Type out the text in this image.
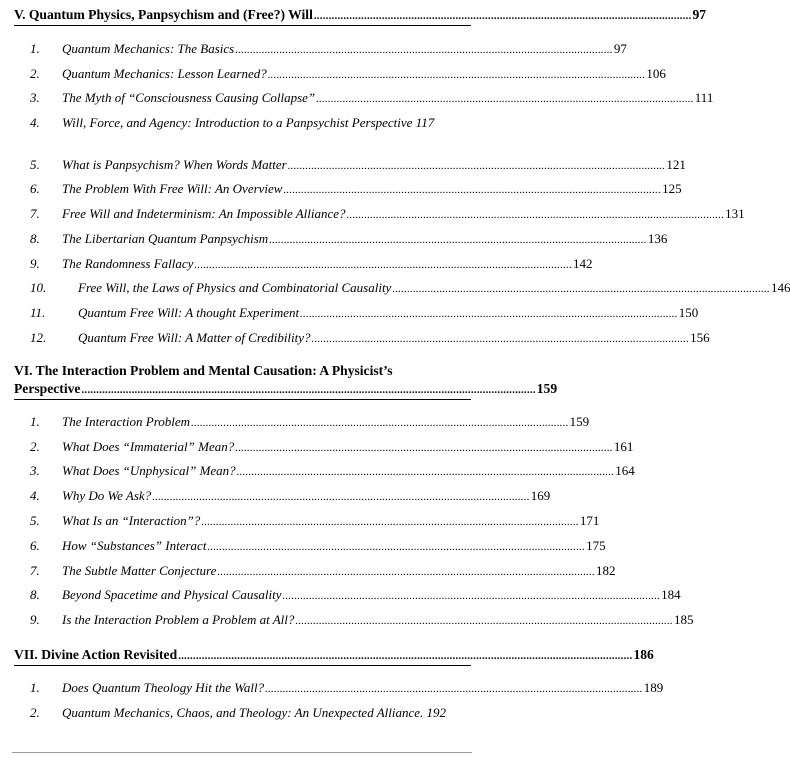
V. Quantum Physics, Panpsychism and (Free?) Will ................................................................................................................................ 97
1. Quantum Mechanics: The Basics ................................................................................................................................ 97
2. Quantum Mechanics: Lesson Learned? ................................................................................................................................ 106
3. The Myth of “Consciousness Causing Collapse” ................................................................................................................................ 111
4. Will, Force, and Agency: Introduction to a Panpsychist Perspective 117
5. What is Panpsychism? When Words Matter ................................................................................................................................ 121
6. The Problem With Free Will: An Overview ................................................................................................................................ 125
7. Free Will and Indeterminism: An Impossible Alliance? ................................................................................................................................ 131
8. The Libertarian Quantum Panpsychism ................................................................................................................................ 136
9. The Randomness Fallacy ................................................................................................................................ 142
10. Free Will, the Laws of Physics and Combinatorial Causality ................................................................................................................................ 146
11.	Quantum Free Will: A thought Experiment ................................................................................................................................ 150
12. Quantum Free Will: A Matter of Credibility? ................................................................................................................................ 156
VI. The Interaction Problem and Mental Causation: A Physicist’s
Perspective .......................................................................................................................................................... 159
1. The Interaction Problem ................................................................................................................................ 159
2. What Does “Immaterial” Mean? ................................................................................................................................ 161
3. What Does “Unphysical” Mean? ................................................................................................................................ 164
4. Why Do We Ask? ................................................................................................................................ 169
5. What Is an “Interaction”? ................................................................................................................................ 171
6. How “Substances” Interact ................................................................................................................................ 175
7. The Subtle Matter Conjecture ................................................................................................................................ 182
8. Beyond Spacetime and Physical Causality ................................................................................................................................ 184
9. Is the Interaction Problem a Problem at All? ................................................................................................................................ 185
VII. Divine Action Revisited .......................................................................................................................................................... 186
1. Does Quantum Theology Hit the Wall? ................................................................................................................................ 189
2. Quantum Mechanics, Chaos, and Theology: An Unexpected Alliance. 192
